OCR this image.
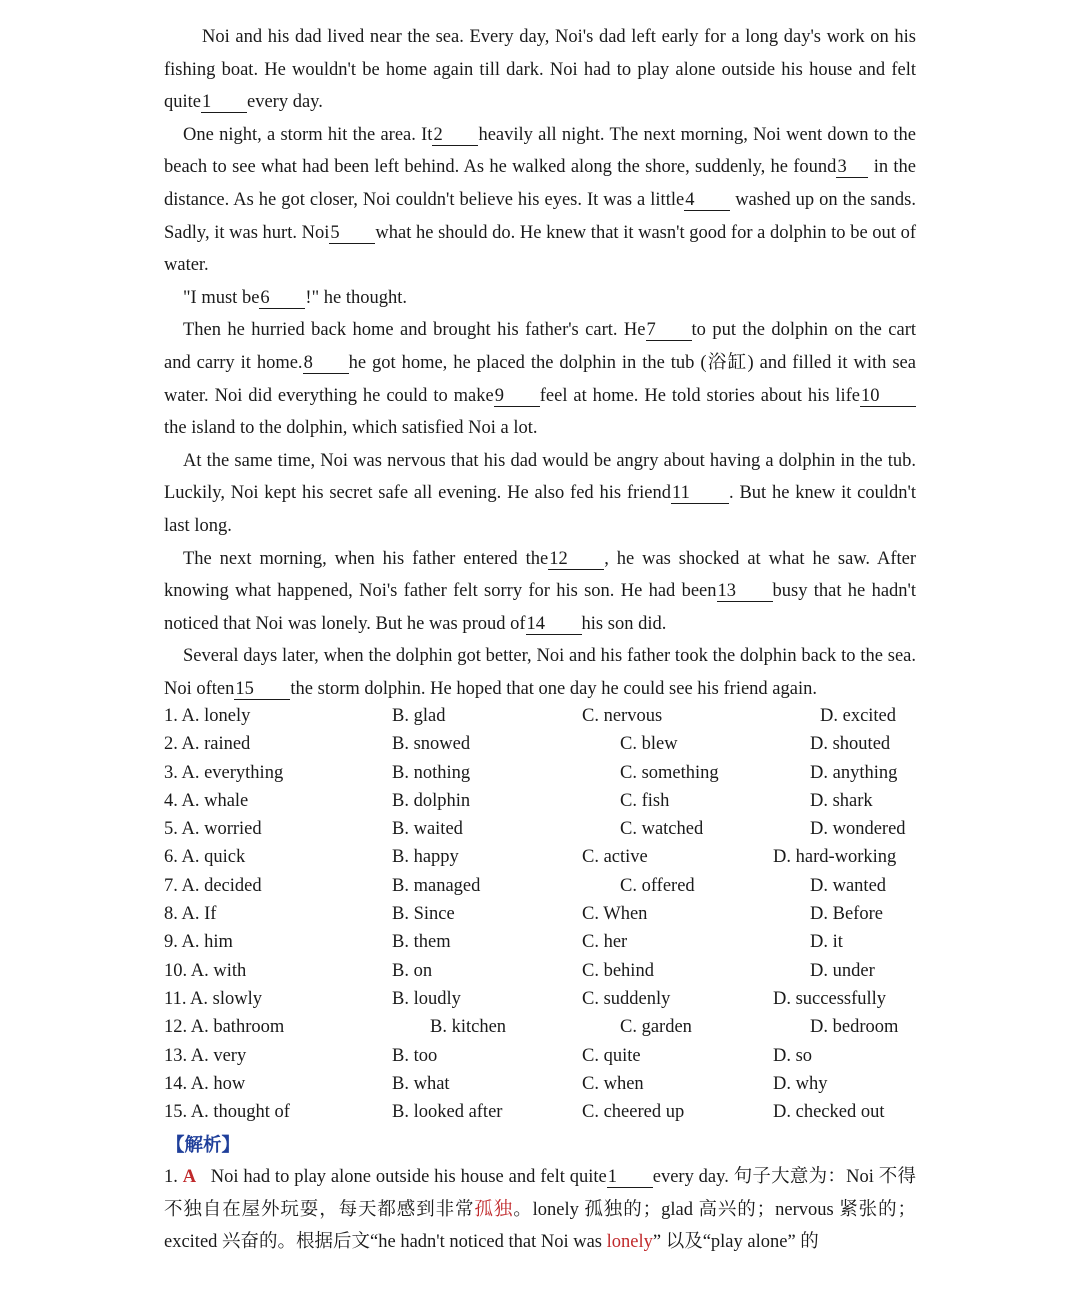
Noi and his dad lived near the sea. Every day, Noi's dad left early for a long day's work on his fishing boat. He wouldn't be home again till dark. Noi had to play alone outside his house and felt quite1 every day.

One night, a storm hit the area. It2 heavily all night. The next morning, Noi went down to the beach to see what had been left behind. As he walked along the shore, suddenly, he found3 in the distance. As he got closer, Noi couldn't believe his eyes. It was a little4 washed up on the sands. Sadly, it was hurt. Noi5 what he should do. He knew that it wasn't good for a dolphin to be out of water.

"I must be6 !" he thought.

Then he hurried back home and brought his father's cart. He7 to put the dolphin on the cart and carry it home.8 he got home, he placed the dolphin in the tub (浴缸) and filled it with sea water. Noi did everything he could to make9 feel at home. He told stories about his life10 the island to the dolphin, which satisfied Noi a lot.

At the same time, Noi was nervous that his dad would be angry about having a dolphin in the tub. Luckily, Noi kept his secret safe all evening. He also fed his friend11 . But he knew it couldn't last long.

The next morning, when his father entered the12 , he was shocked at what he saw. After knowing what happened, Noi's father felt sorry for his son. He had been13 busy that he hadn't noticed that Noi was lonely. But he was proud of14 his son did.

Several days later, when the dolphin got better, Noi and his father took the dolphin back to the sea. Noi often15 the storm dolphin. He hoped that one day he could see his friend again.

1. A. lonely	B. glad	C. nervous	D. excited
2. A. rained	B. snowed	C. blew	D. shouted
3. A. everything	B. nothing	C. something	D. anything
4. A. whale	B. dolphin	C. fish	D. shark
5. A. worried	B. waited	C. watched	D. wondered
6. A. quick	B. happy	C. active	D. hard-working
7. A. decided	B. managed	C. offered	D. wanted
8. A. If	B. Since	C. When	D. Before
9. A. him	B. them	C. her	D. it
10. A. with	B. on	C. behind	D. under
11. A. slowly	B. loudly	C. suddenly	D. successfully
12. A. bathroom	B. kitchen	C. garden	D. bedroom
13. A. very	B. too	C. quite	D. so
14. A. how	B. what	C. when	D. why
15. A. thought of	B. looked after	C. cheered up	D. checked out
【解析】

1. A Noi had to play alone outside his house and felt quite1 every day. 句子大意为：Noi 不得不独自在屋外玩耍，每天都感到非常孤独。lonely 孤独的；glad 高兴的；nervous 紧张的；excited 兴奋的。根据后文“he hadn't noticed that Noi was lonely” 以及“play alone” 的
